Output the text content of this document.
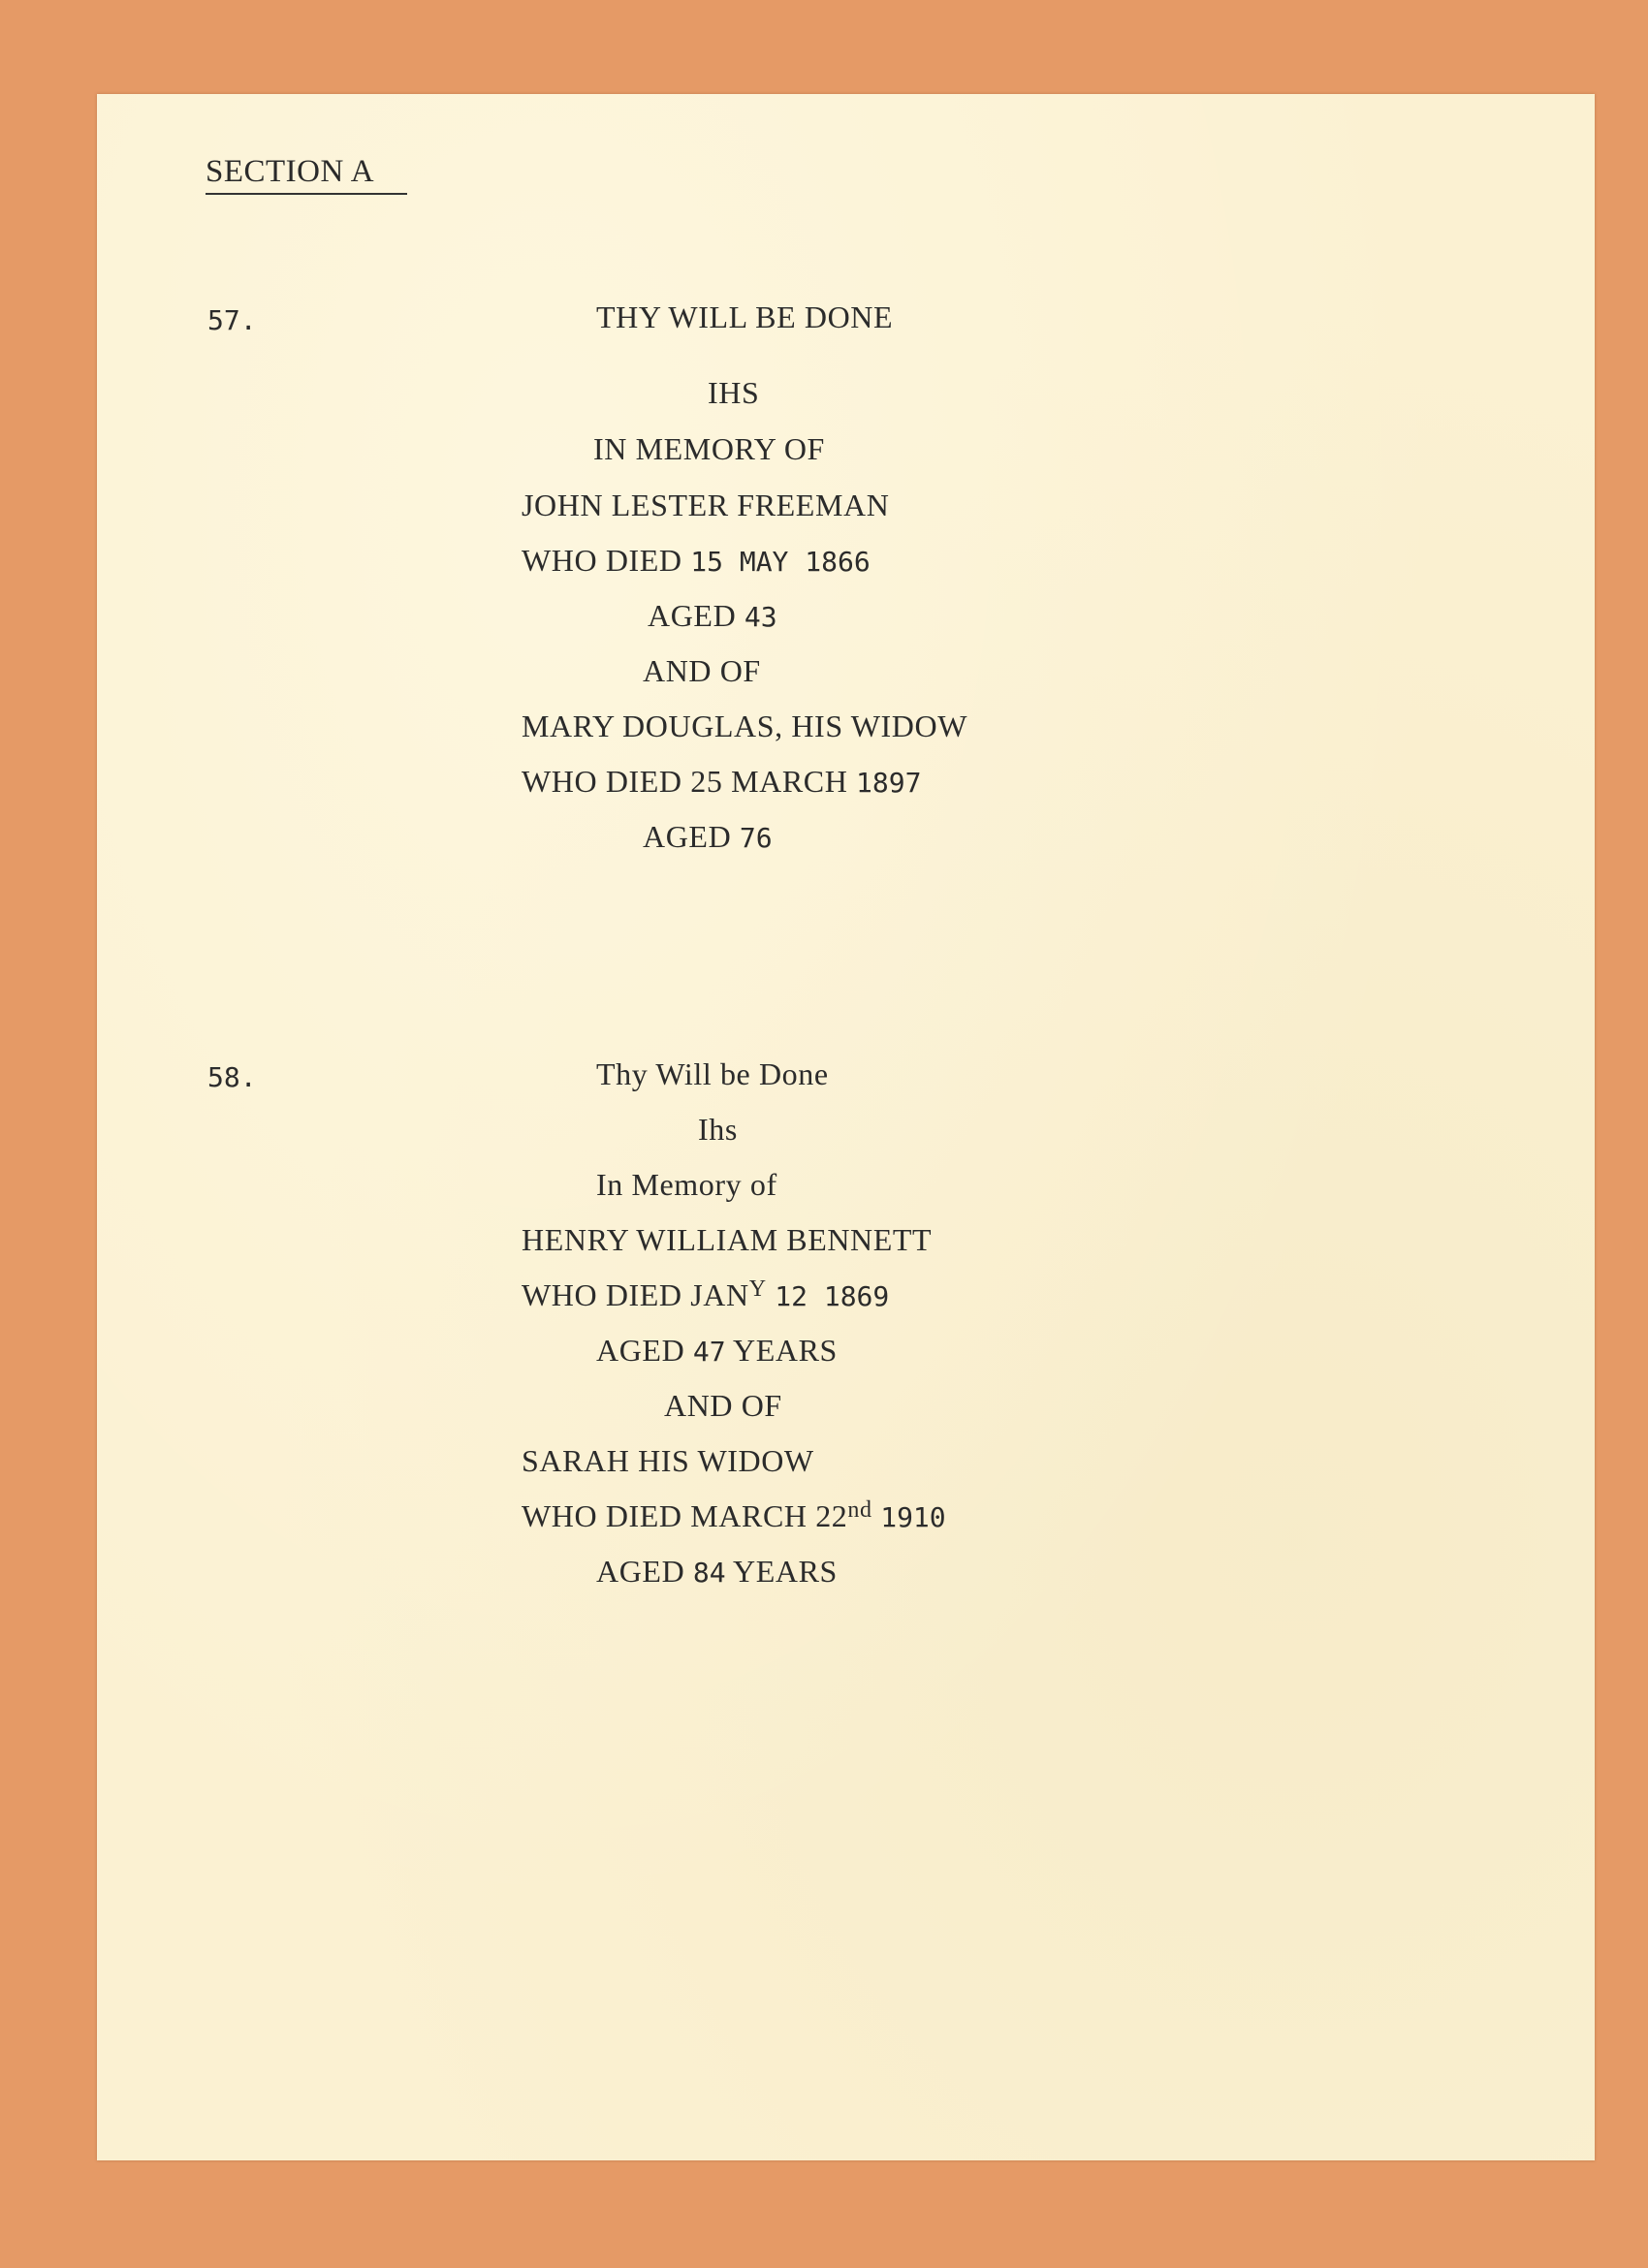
SECTION A
57.	THY WILL BE DONE
IHS
IN MEMORY OF
JOHN LESTER FREEMAN
WHO DIED 15 MAY 1866
AGED 43
AND OF
MARY DOUGLAS, HIS WIDOW
WHO DIED 25 MARCH 1897
AGED 76
58.	Thy Will be Done
Ihs
In Memory of
HENRY WILLIAM BENNETT
WHO DIED $JAN^Y$ 12 1869
AGED 47 YEARS
AND OF
SARAH HIS WIDOW
WHO DIED MARCH 22nd 1910
AGED 84 YEARS
